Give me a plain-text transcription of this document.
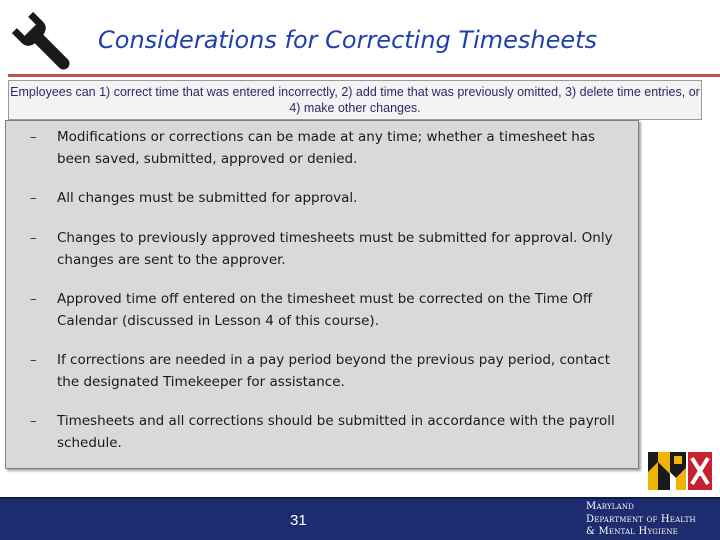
Considerations for Correcting Timesheets
Employees can 1) correct time that was entered incorrectly, 2) add time that was previously omitted, 3) delete time entries, or 4) make other changes.
– Modifications or corrections can be made at any time; whether a timesheet has been saved, submitted, approved or denied.
– All changes must be submitted for approval.
– Changes to previously approved timesheets must be submitted for approval. Only changes are sent to the approver.
– Approved time off entered on the timesheet must be corrected on the Time Off Calendar (discussed in Lesson 4 of this course).
– If corrections are needed in a pay period beyond the previous pay period, contact the designated Timekeeper for assistance.
– Timesheets and all corrections should be submitted in accordance with the payroll schedule.
31
Maryland
Department of Health
& Mental Hygiene
